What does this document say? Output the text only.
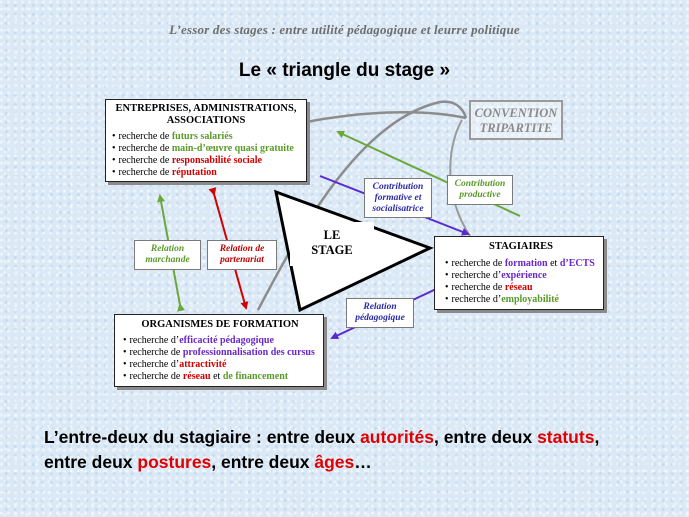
L’essor des stages : entre utilité pédagogique et leurre politique
Le « triangle du stage »
ENTREPRISES, ADMINISTRATIONS,
ASSOCIATIONS
• recherche de futurs salariés
• recherche de main-d’œuvre quasi gratuite
• recherche de responsabilité sociale
• recherche de réputation
CONVENTION
TRIPARTITE
Contribution
formative et
socialisatrice
Contribution
productive
Relation
marchande
Relation de
partenariat
Relation
pédagogique
LE
STAGE	STAGIAIRES
• recherche de formation et d’ECTS
• recherche d’expérience
• recherche de réseau
• recherche d’employabilité
ORGANISMES DE FORMATION
• recherche d’efficacité pédagogique
• recherche de professionnalisation des cursus
• recherche d’attractivité
• recherche de réseau et de financement
L’entre-deux du stagiaire : entre deux autorités, entre deux statuts,
entre deux postures, entre deux âges…
